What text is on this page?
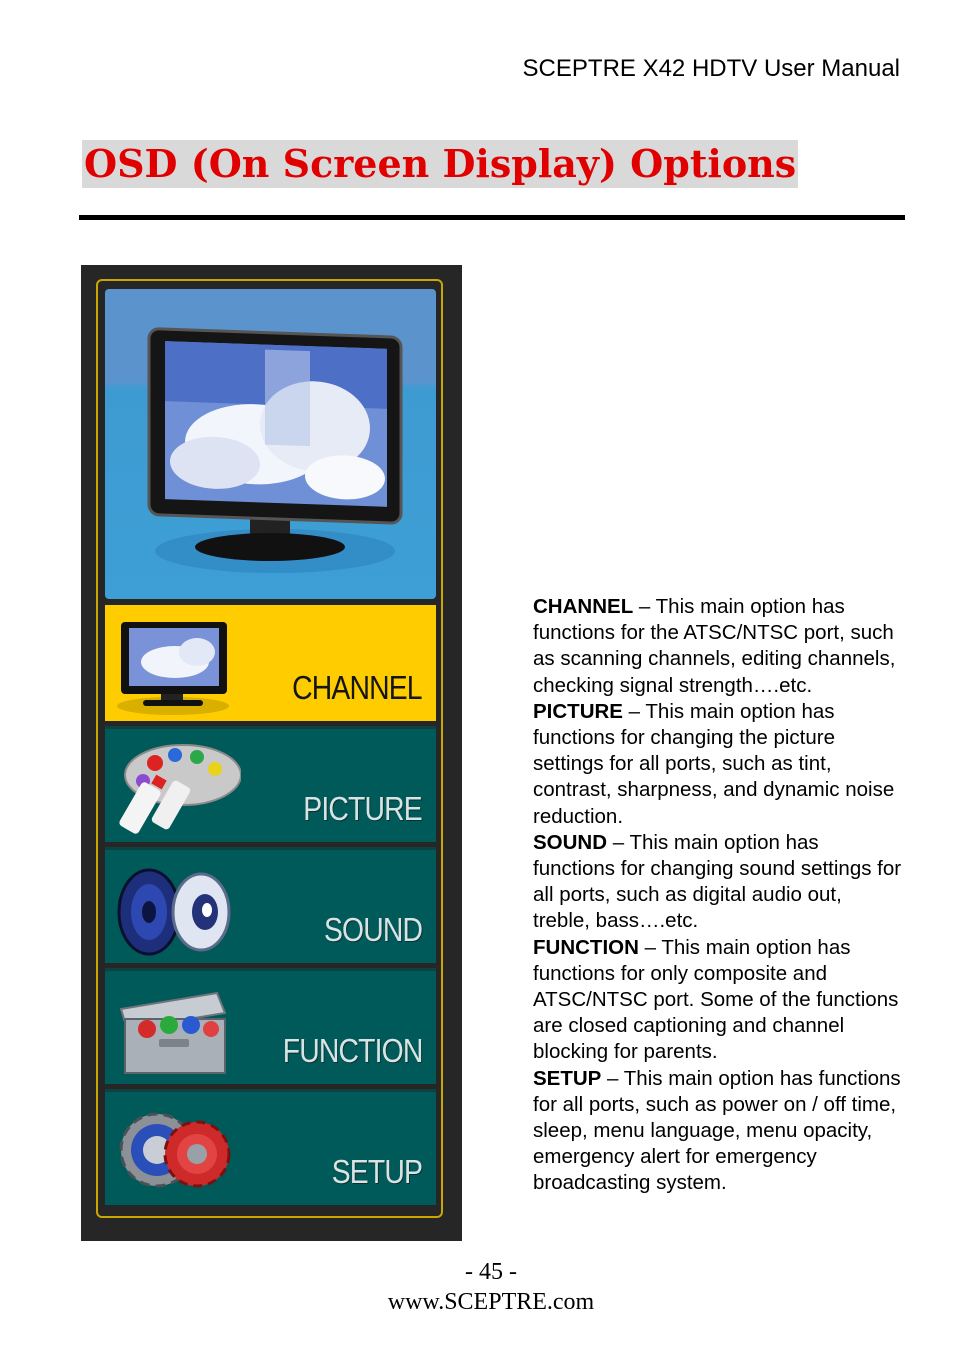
SCEPTRE X42 HDTV User Manual
OSD (On Screen Display) Options
CHANNEL
PICTURE
SOUND
FUNCTION
SETUP

CHANNEL – This main option has functions for the ATSC/NTSC port, such as scanning channels, editing channels, checking signal strength….etc.

PICTURE – This main option has functions for changing the picture settings for all ports, such as tint, contrast, sharpness, and dynamic noise reduction.

SOUND – This main option has functions for changing sound settings for all ports, such as digital audio out, treble, bass….etc.

FUNCTION – This main option has functions for only composite and ATSC/NTSC port. Some of the functions are closed captioning and channel blocking for parents.

SETUP – This main option has functions for all ports, such as power on / off time, sleep, menu language, menu opacity, emergency alert for emergency broadcasting system.

- 45 -
www.SCEPTRE.com
